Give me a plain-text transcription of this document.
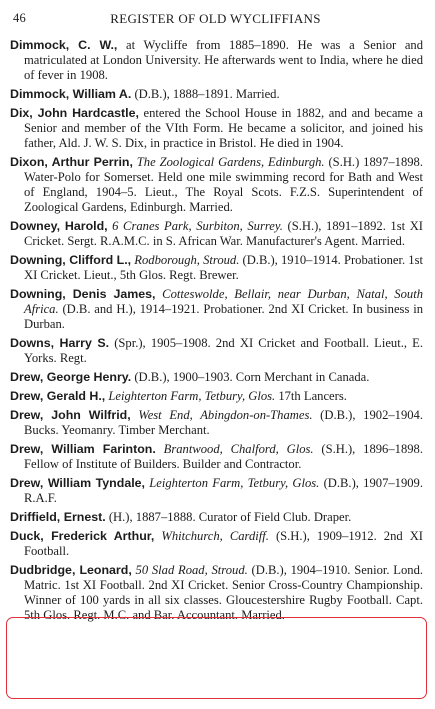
46	REGISTER OF OLD WYCLIFFIANS

Dimmock, C. W., at Wycliffe from 1885–1890. He was a Senior and matriculated at London University. He afterwards went to India, where he died of fever in 1908.

Dimmock, William A. (D.B.), 1888–1891. Married.

Dix, John Hardcastle, entered the School House in 1882, and and became a Senior and member of the VIth Form. He became a solicitor, and joined his father, Ald. J. W. S. Dix, in practice in Bristol. He died in 1904.

Dixon, Arthur Perrin, The Zoological Gardens, Edinburgh. (S.H.) 1897–1898. Water-Polo for Somerset. Held one mile swimming record for Bath and West of England, 1904–5. Lieut., The Royal Scots. F.Z.S. Superintendent of Zoological Gardens, Edinburgh. Married.

Downey, Harold, 6 Cranes Park, Surbiton, Surrey. (S.H.), 1891–1892. 1st XI Cricket. Sergt. R.A.M.C. in S. African War. Manufacturer's Agent. Married.

Downing, Clifford L., Rodborough, Stroud. (D.B.), 1910–1914. Probationer. 1st XI Cricket. Lieut., 5th Glos. Regt. Brewer.

Downing, Denis James, Cotteswolde, Bellair, near Durban, Natal, South Africa. (D.B. and H.), 1914–1921. Probationer. 2nd XI Cricket. In business in Durban.

Downs, Harry S. (Spr.), 1905–1908. 2nd XI Cricket and Football. Lieut., E. Yorks. Regt.

Drew, George Henry. (D.B.), 1900–1903. Corn Merchant in Canada.

Drew, Gerald H., Leighterton Farm, Tetbury, Glos. 17th Lancers.

Drew, John Wilfrid, West End, Abingdon-on-Thames. (D.B.), 1902–1904. Bucks. Yeomanry. Timber Merchant.

Drew, William Farinton. Brantwood, Chalford, Glos. (S.H.), 1896–1898. Fellow of Institute of Builders. Builder and Contractor.

Drew, William Tyndale, Leighterton Farm, Tetbury, Glos. (D.B.), 1907–1909. R.A.F.

Driffield, Ernest. (H.), 1887–1888. Curator of Field Club. Draper.

Duck, Frederick Arthur, Whitchurch, Cardiff. (S.H.), 1909–1912. 2nd XI Football.

Dudbridge, Leonard, 50 Slad Road, Stroud. (D.B.), 1904–1910. Senior. Lond. Matric. 1st XI Football. 2nd XI Cricket. Senior Cross-Country Championship. Winner of 100 yards in all six classes. Gloucestershire Rugby Football. Capt. 5th Glos. Regt. M.C. and Bar. Accountant. Married.
